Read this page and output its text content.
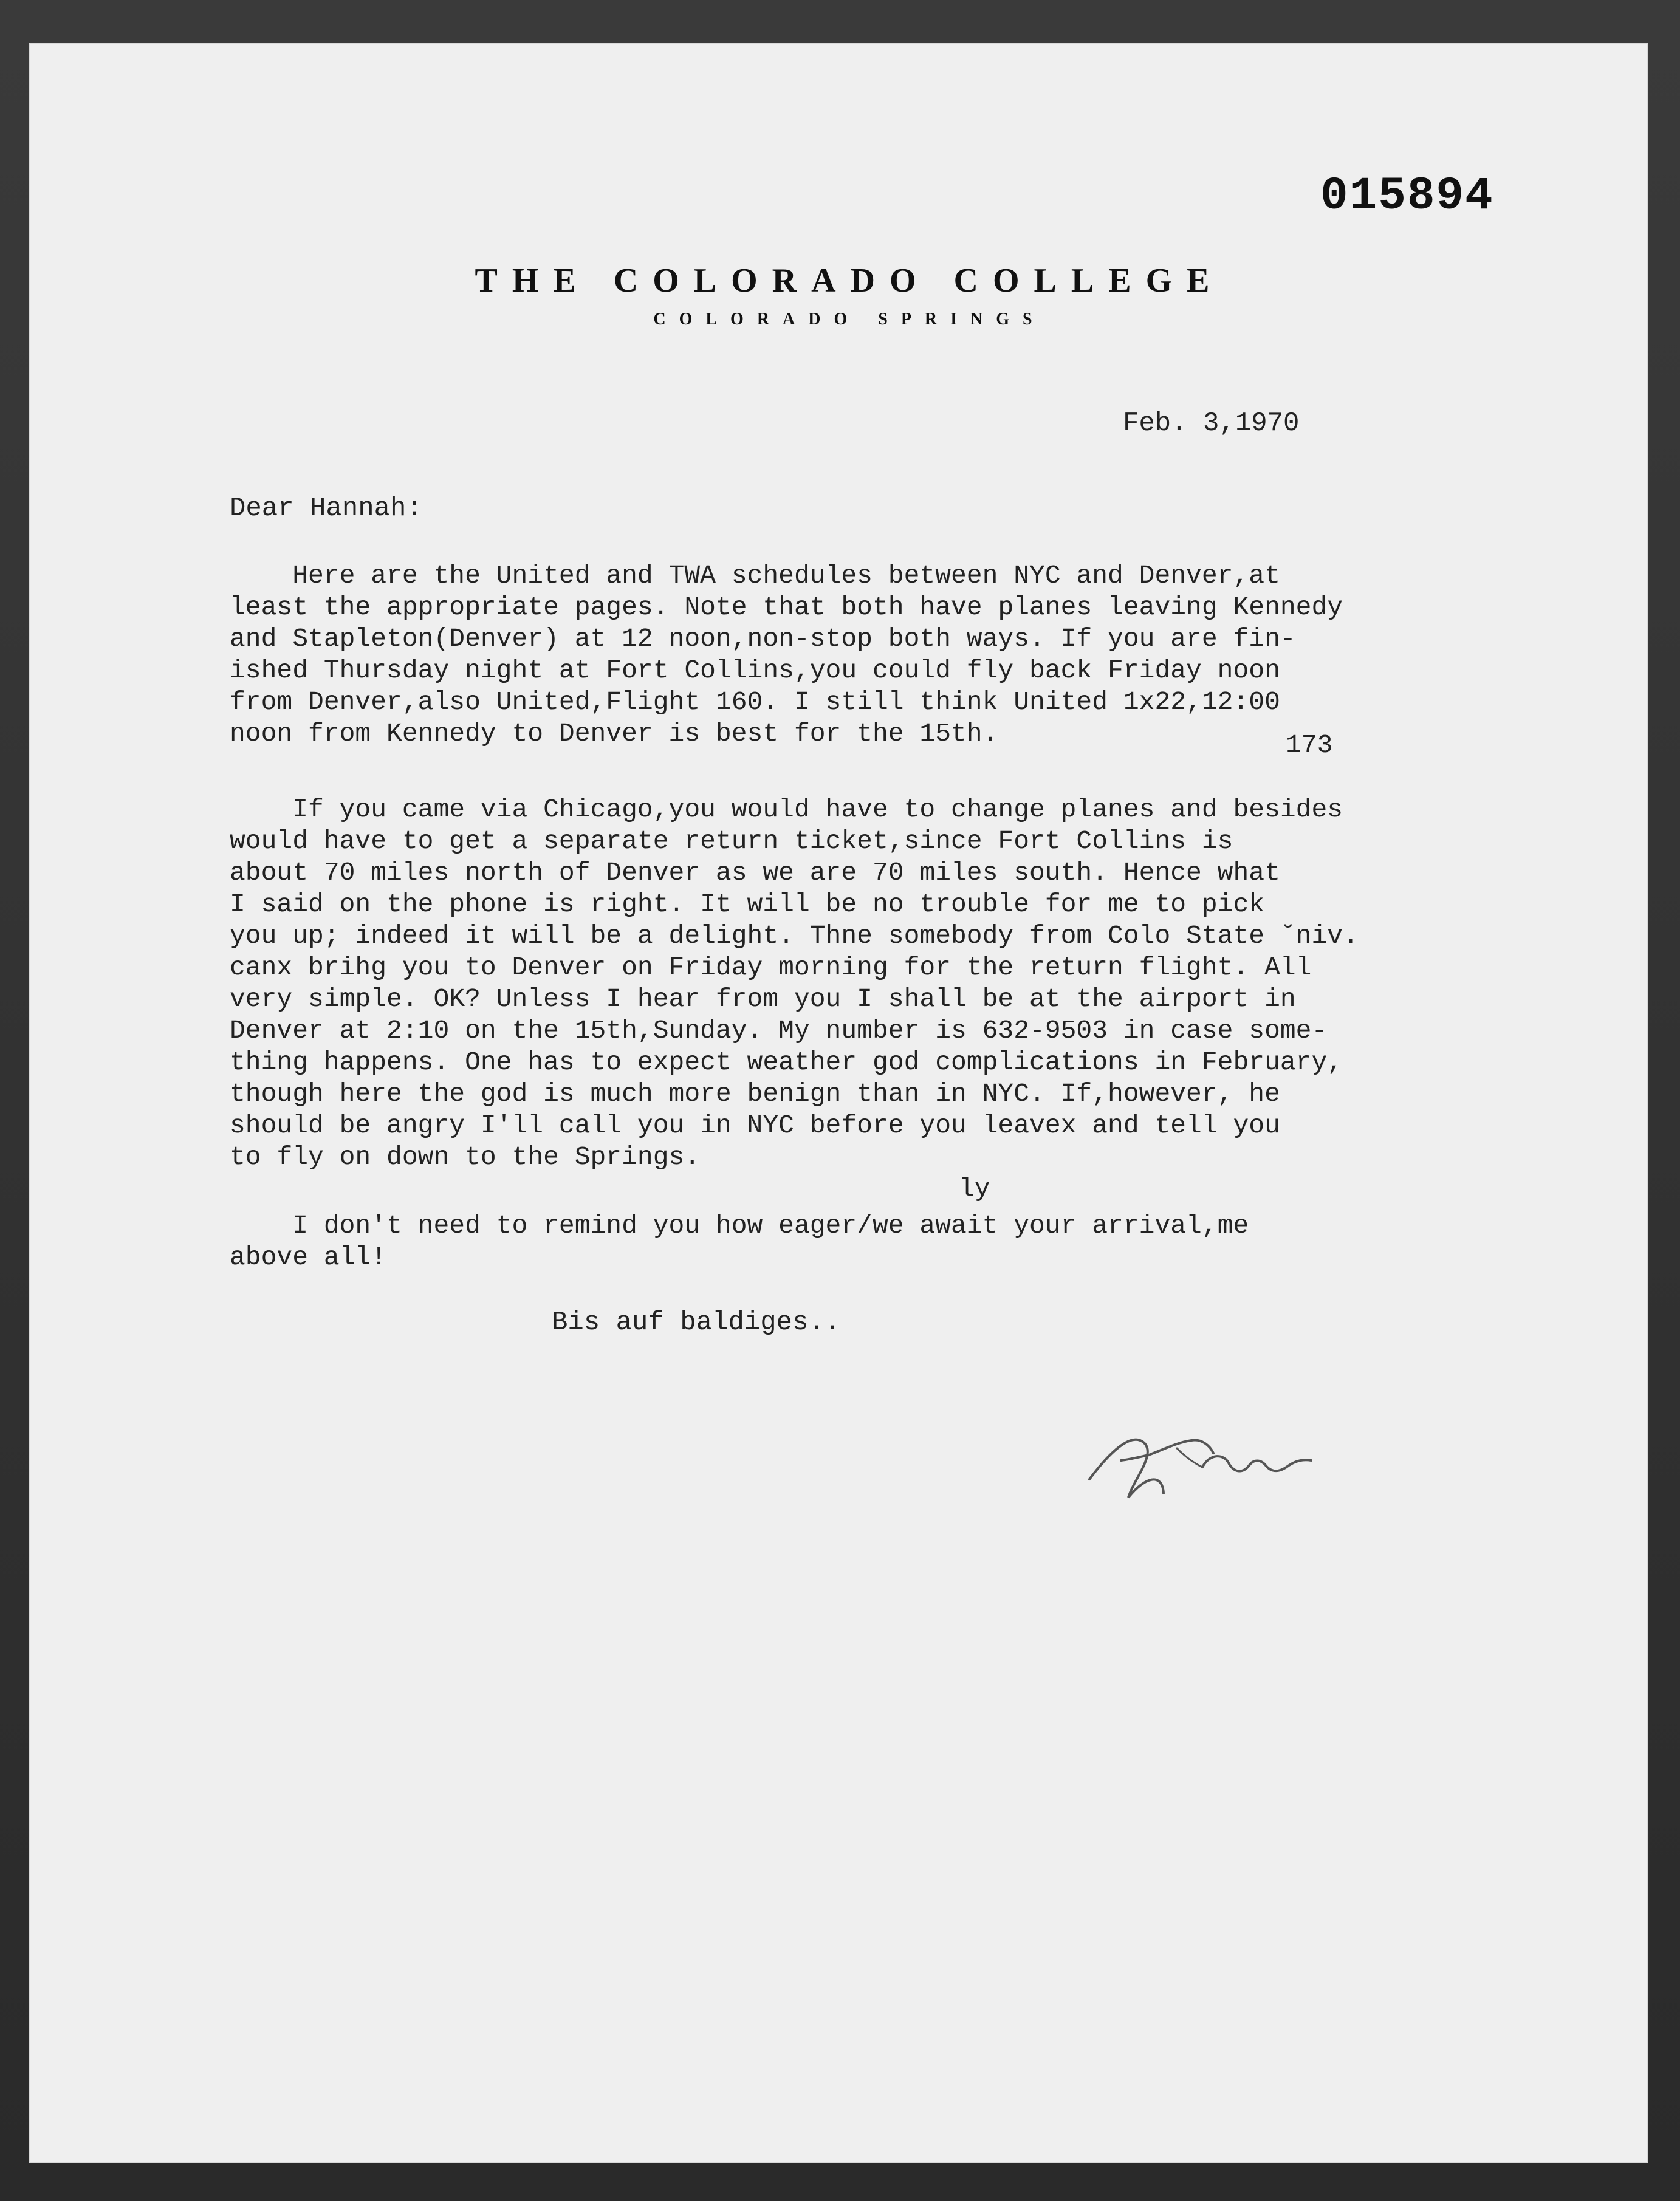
015894
THE COLORADO COLLEGE
COLORADO SPRINGS
Feb. 3,1970
Dear Hannah:
Here are the United and TWA schedules between NYC and Denver,at
least the appropriate pages. Note that both have planes leaving Kennedy
and Stapleton(Denver) at 12 noon,non-stop both ways. If you are fin-
ished Thursday night at Fort Collins,you could fly back Friday noon
from Denver,also United,Flight 160. I still think United 1x22,12:00
noon from Kennedy to Denver is best for the 15th.	173
If you came via Chicago,you would have to change planes and besides
would have to get a separate return ticket,since Fort Collins is
about 70 miles north of Denver as we are 70 miles south. Hence what
I said on the phone is right. It will be no trouble for me to pick
you up; indeed it will be a delight. Thne somebody from Colo State ˘niv.
canx brihg you to Denver on Friday morning for the return flight. All
very simple. OK? Unless I hear from you I shall be at the airport in
Denver at 2:10 on the 15th,Sunday. My number is 632-9503 in case some-
thing happens. One has to expect weather god complications in February,
though here the god is much more benign than in NYC. If,however, he
should be angry I'll call you in NYC before you leavex and tell you
to fly on down to the Springs.
ly
I don't need to remind you how eager/we await your arrival,me
above all!
Bis auf baldiges..
